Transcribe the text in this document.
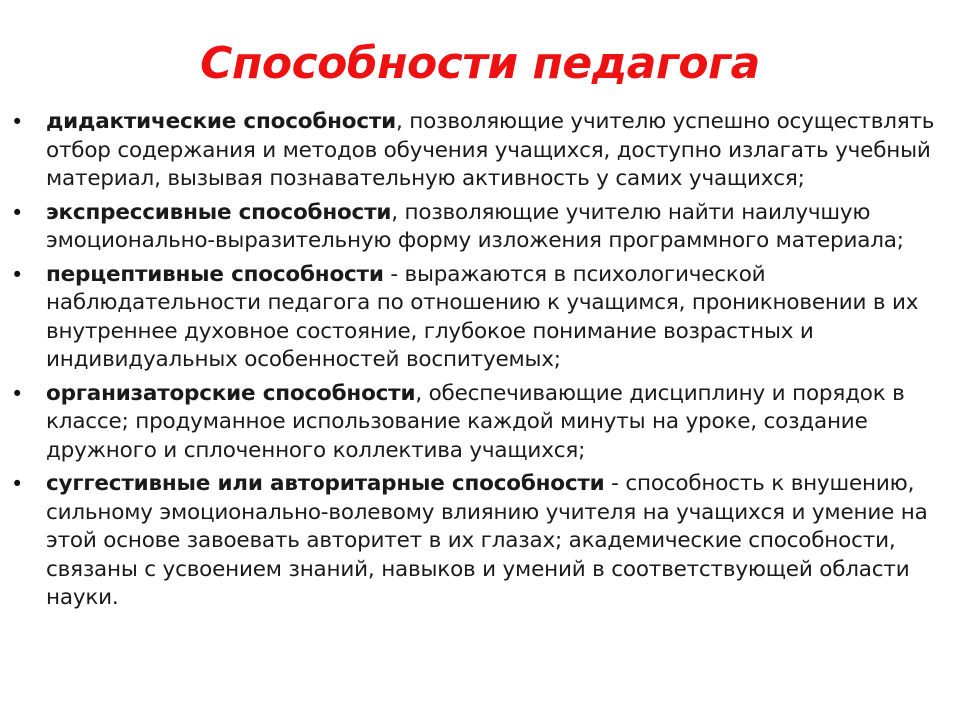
Способности педагога
• дидактические способности, позволяющие учителю успешно осуществлять отбор содержания и методов обучения учащихся, доступно излагать учебный материал, вызывая познавательную активность у самих учащихся;
• экспрессивные способности, позволяющие учителю найти наилучшую эмоционально-выразительную форму изложения программного материала;
• перцептивные способности - выражаются в психологической наблюдательности педагога по отношению к учащимся, проникновении в их внутреннее духовное состояние, глубокое понимание возрастных и индивидуальных особенностей воспитуемых;
• организаторские способности, обеспечивающие дисциплину и порядок в классе; продуманное использование каждой минуты на уроке, создание дружного и сплоченного коллектива учащихся;
• суггестивные или авторитарные способности - способность к внушению, сильному эмоционально-волевому влиянию учителя на учащихся и умение на этой основе завоевать авторитет в их глазах; академические способности, связаны с усвоением знаний, навыков и умений в соответствующей области науки.
